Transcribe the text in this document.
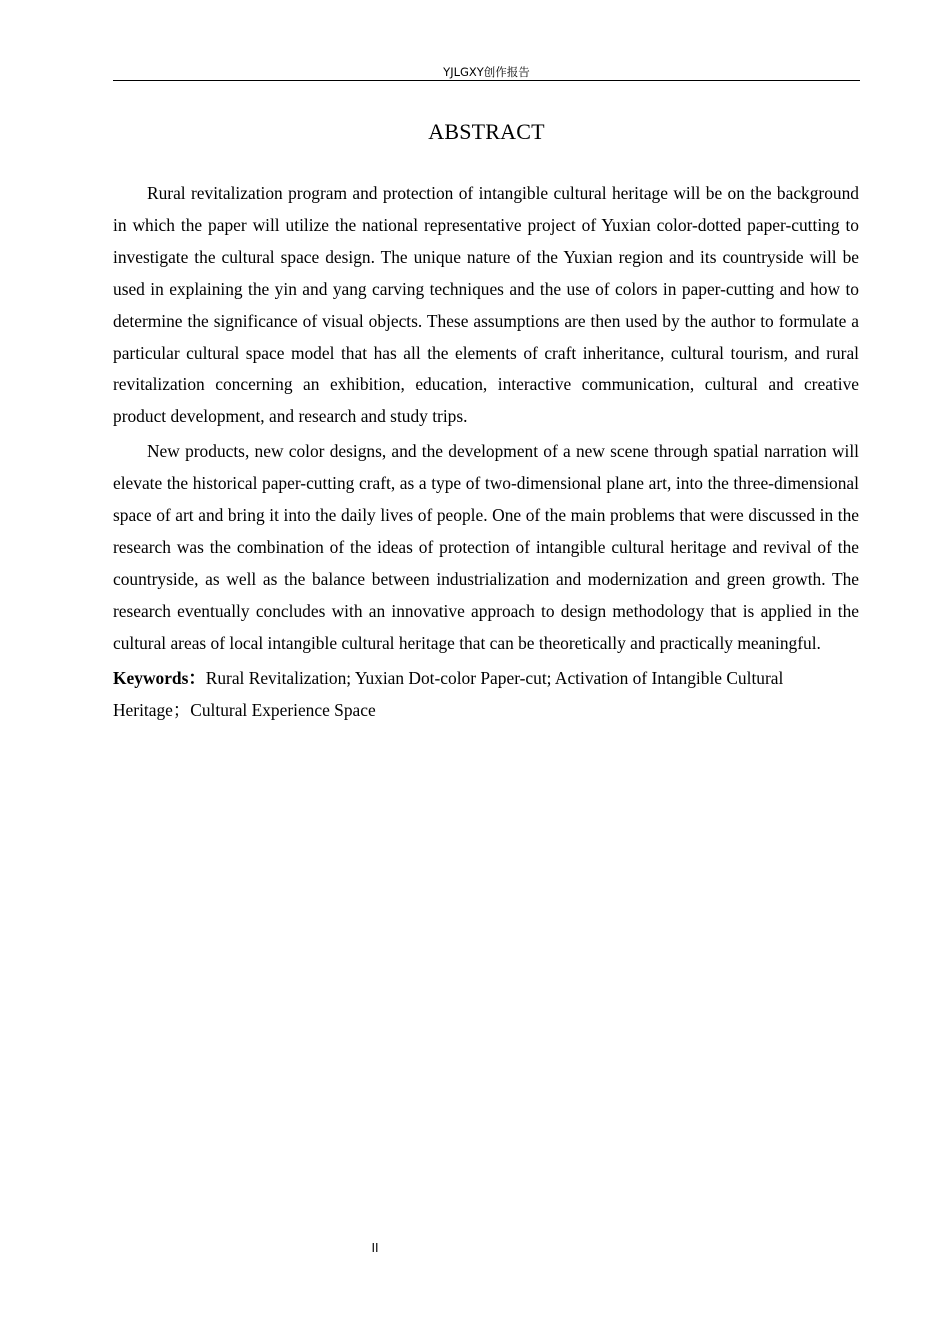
YJLGXY创作报告
ABSTRACT

Rural revitalization program and protection of intangible cultural heritage will be on the background in which the paper will utilize the national representative project of Yuxian color-dotted paper-cutting to investigate the cultural space design. The unique nature of the Yuxian region and its countryside will be used in explaining the yin and yang carving techniques and the use of colors in paper-cutting and how to determine the significance of visual objects. These assumptions are then used by the author to formulate a particular cultural space model that has all the elements of craft inheritance, cultural tourism, and rural revitalization concerning an exhibition, education, interactive communication, cultural and creative product development, and research and study trips.

New products, new color designs, and the development of a new scene through spatial narration will elevate the historical paper-cutting craft, as a type of two-dimensional plane art, into the three-dimensional space of art and bring it into the daily lives of people. One of the main problems that were discussed in the research was the combination of the ideas of protection of intangible cultural heritage and revival of the countryside, as well as the balance between industrialization and modernization and green growth. The research eventually concludes with an innovative approach to design methodology that is applied in the cultural areas of local intangible cultural heritage that can be theoretically and practically meaningful.

Keywords：Rural Revitalization; Yuxian Dot-color Paper-cut; Activation of Intangible Cultural Heritage；Cultural Experience Space

II
